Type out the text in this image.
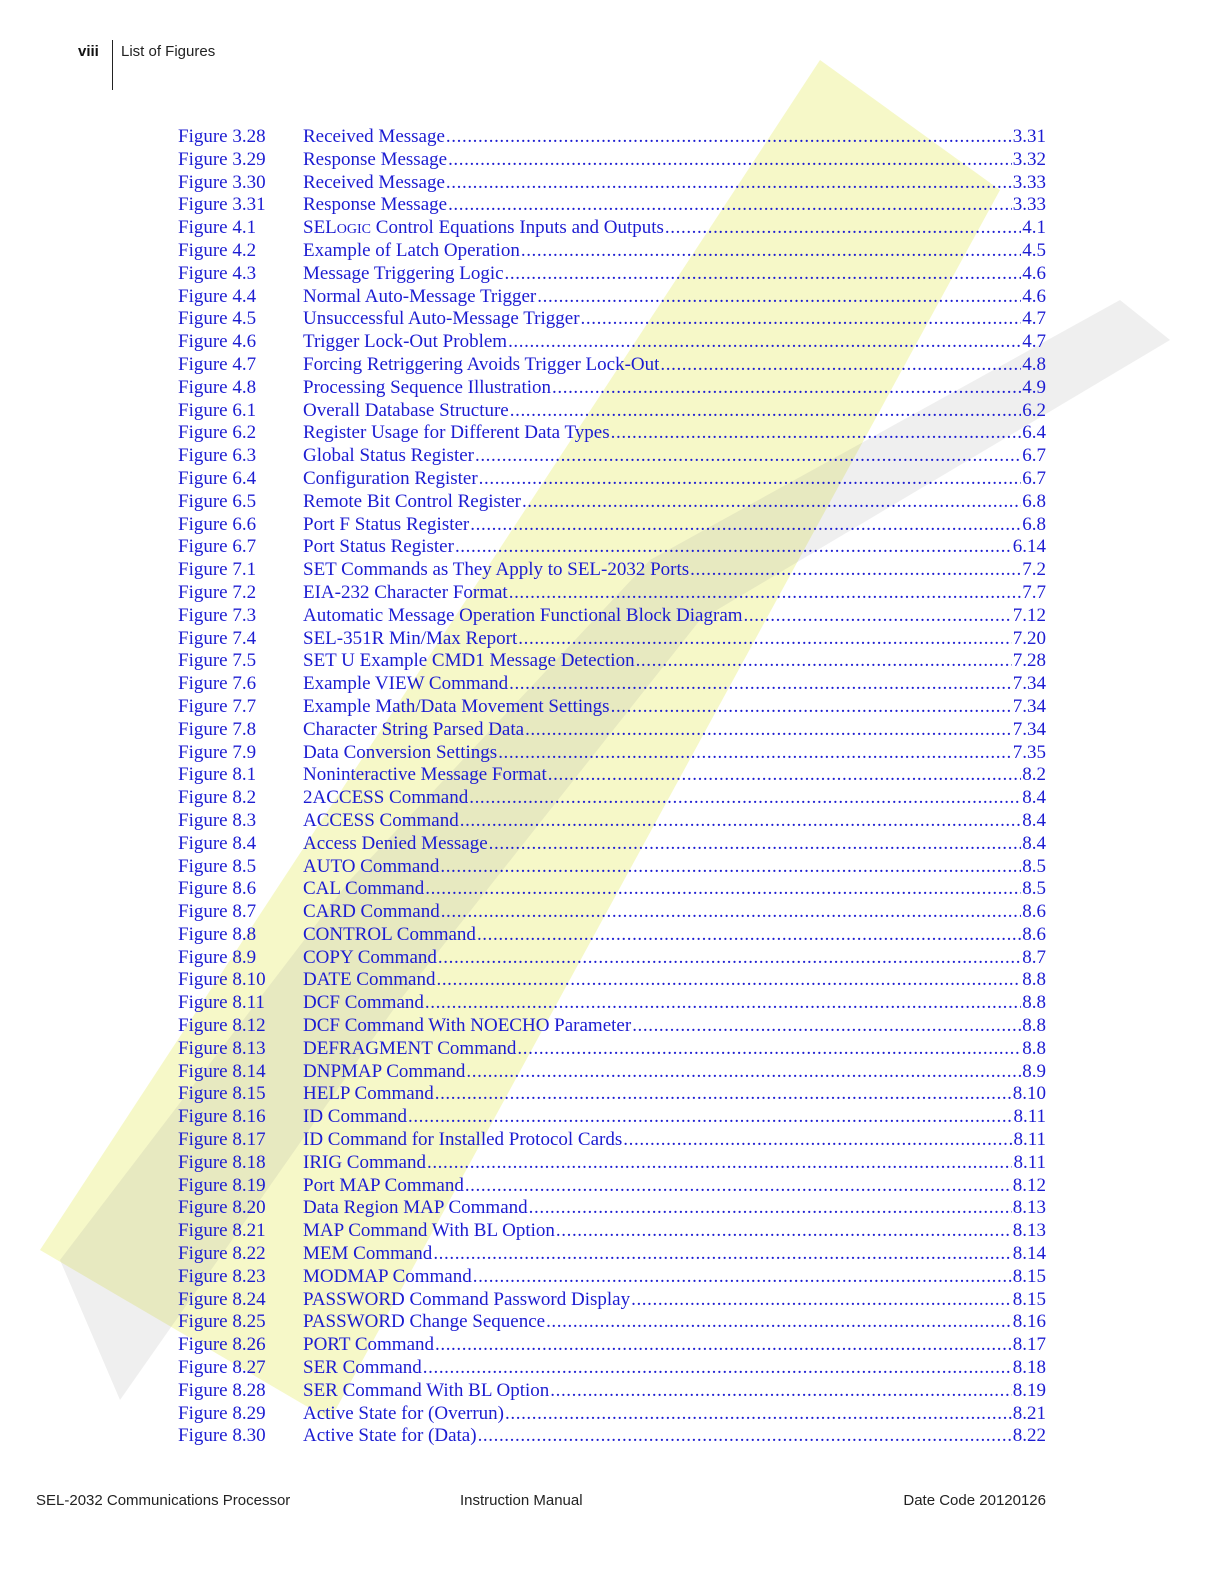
viii List of Figures
Figure 3.28	Received Message .....	3.31
Figure 3.29	Response Message .....	3.32
Figure 3.30	Received Message .....	3.33
Figure 3.31	Response Message .....	3.33
Figure 4.1	SELOGIC Control Equations Inputs and Outputs .....	4.1
Figure 4.2	Example of Latch Operation .....	4.5
Figure 4.3	Message Triggering Logic .....	4.6
Figure 4.4	Normal Auto-Message Trigger .....	4.6
Figure 4.5	Unsuccessful Auto-Message Trigger .....	4.7
Figure 4.6	Trigger Lock-Out Problem .....	4.7
Figure 4.7	Forcing Retriggering Avoids Trigger Lock-Out .....	4.8
Figure 4.8	Processing Sequence Illustration .....	4.9
Figure 6.1	Overall Database Structure .....	6.2
Figure 6.2	Register Usage for Different Data Types .....	6.4
Figure 6.3	Global Status Register .....	6.7
Figure 6.4	Configuration Register .....	6.7
Figure 6.5	Remote Bit Control Register .....	6.8
Figure 6.6	Port F Status Register .....	6.8
Figure 6.7	Port Status Register .....	6.14
Figure 7.1	SET Commands as They Apply to SEL-2032 Ports .....	7.2
Figure 7.2	EIA-232 Character Format .....	7.7
Figure 7.3	Automatic Message Operation Functional Block Diagram .....	7.12
Figure 7.4	SEL-351R Min/Max Report .....	7.20
Figure 7.5	SET U Example CMD1 Message Detection .....	7.28
Figure 7.6	Example VIEW Command .....	7.34
Figure 7.7	Example Math/Data Movement Settings .....	7.34
Figure 7.8	Character String Parsed Data .....	7.34
Figure 7.9	Data Conversion Settings .....	7.35
Figure 8.1	Noninteractive Message Format .....	8.2
Figure 8.2	2ACCESS Command .....	8.4
Figure 8.3	ACCESS Command .....	8.4
Figure 8.4	Access Denied Message .....	8.4
Figure 8.5	AUTO Command .....	8.5
Figure 8.6	CAL Command .....	8.5
Figure 8.7	CARD Command .....	8.6
Figure 8.8	CONTROL Command .....	8.6
Figure 8.9	COPY Command .....	8.7
Figure 8.10	DATE Command .....	8.8
Figure 8.11	DCF Command .....	8.8
Figure 8.12	DCF Command With NOECHO Parameter .....	8.8
Figure 8.13	DEFRAGMENT Command .....	8.8
Figure 8.14	DNPMAP Command .....	8.9
Figure 8.15	HELP Command .....	8.10
Figure 8.16	ID Command .....	8.11
Figure 8.17	ID Command for Installed Protocol Cards .....	8.11
Figure 8.18	IRIG Command .....	8.11
Figure 8.19	Port MAP Command .....	8.12
Figure 8.20	Data Region MAP Command .....	8.13
Figure 8.21	MAP Command With BL Option .....	8.13
Figure 8.22	MEM Command .....	8.14
Figure 8.23	MODMAP Command .....	8.15
Figure 8.24	PASSWORD Command Password Display .....	8.15
Figure 8.25	PASSWORD Change Sequence .....	8.16
Figure 8.26	PORT Command .....	8.17
Figure 8.27	SER Command .....	8.18
Figure 8.28	SER Command With BL Option .....	8.19
Figure 8.29	Active State for (Overrun) .....	8.21
Figure 8.30	Active State for (Data) .....	8.22
SEL-2032 Communications Processor	Instruction Manual	Date Code 20120126
